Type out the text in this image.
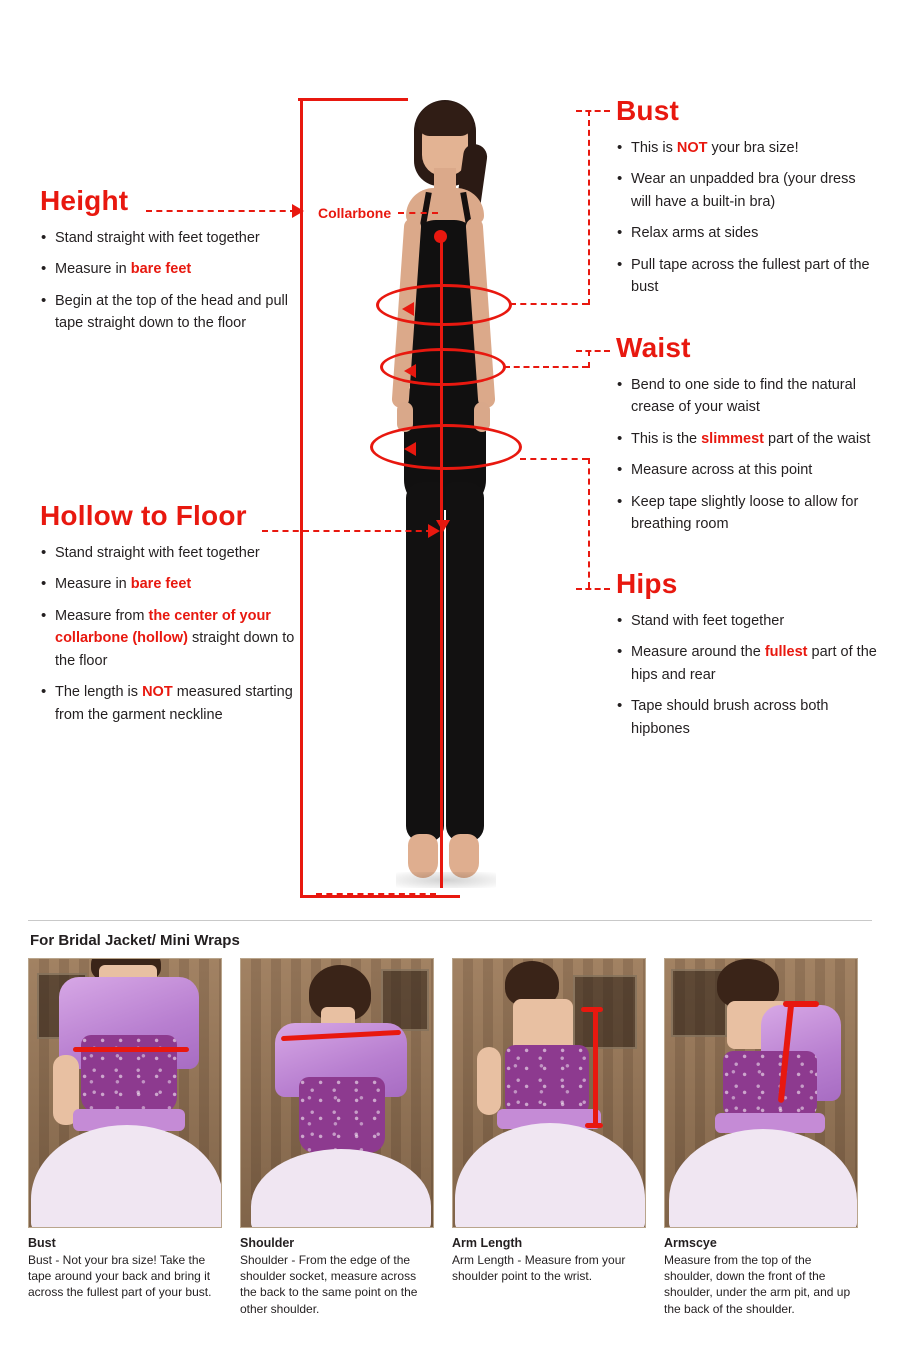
Collarbone
Height
• Stand straight with feet together
• Measure in bare feet
• Begin at the top of the head and pull tape straight down to the floor
Bust
• This is NOT your bra size!
• Wear an unpadded bra (your dress will have a built-in bra)
• Relax arms at sides
• Pull tape across the fullest part of the bust
Waist
• Bend to one side to find the natural crease of your waist
• This is the slimmest part of the waist
• Measure across at this point
• Keep tape slightly loose to allow for breathing room
Hollow to Floor
• Stand straight with feet together
• Measure in bare feet
• Measure from the center of your collarbone (hollow) straight down to the floor
• The length is NOT measured starting from the garment neckline
Hips
• Stand with feet together
• Measure around the fullest part of the hips and rear
• Tape should brush across both hipbones
For Bridal Jacket/ Mini Wraps

Bust

Bust - Not your bra size! Take the tape around your back and bring it across the fullest part of your bust.

Shoulder

Shoulder - From the edge of the shoulder socket, measure across the back to the same point on the other shoulder.

Arm Length

Arm Length - Measure from your shoulder point to the wrist.

Armscye

Measure from the top of the shoulder, down the front of the shoulder, under the arm pit, and up the back of the shoulder.
